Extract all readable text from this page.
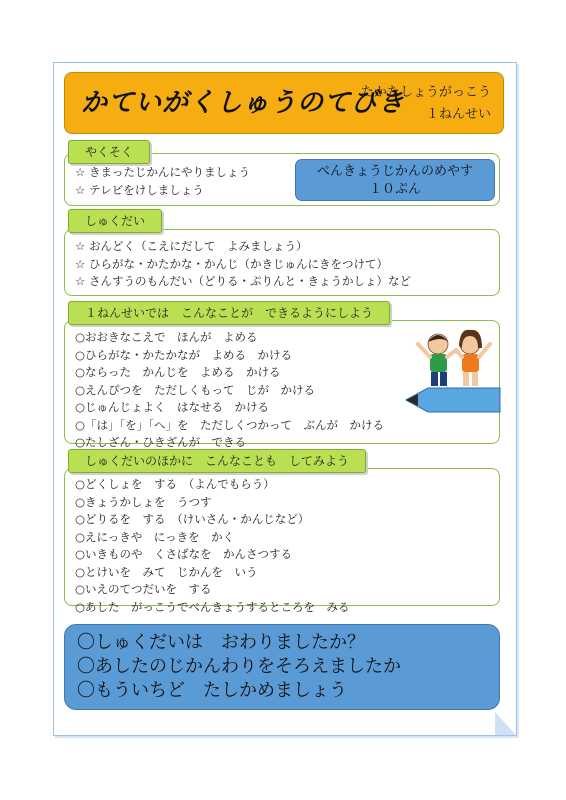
かていがくしゅうのてびき
たかたしょうがっこう
１ねんせい
☆ きまったじかんにやりましょう
☆ テレビをけしましょう
やくそく
べんきょうじかんのめやす
１０ぷん
☆ おんどく（こえにだして　よみましょう）
☆ ひらがな・かたかな・かんじ（かきじゅんにきをつけて）
☆ さんすうのもんだい（どりる・ぷりんと・きょうかしょ）など
しゅくだい
○おおきなこえで　ほんが　よめる
○ひらがな・かたかなが　よめる　かける
○ならった　かんじを　よめる　かける
○えんぴつを　ただしくもって　じが　かける
○じゅんじょよく　はなせる　かける
○「は」「を」「へ」を　ただしくつかって　ぶんが　かける
○たしざん・ひきざんが　できる
１ねんせいでは　こんなことが　できるようにしよう
○どくしょを　する　（よんでもらう）
○きょうかしょを　うつす
○どりるを　する　（けいさん・かんじなど）
○えにっきや　にっきを　かく
○いきものや　くさばなを　かんさつする
○とけいを　みて　じかんを　いう
○いえのてつだいを　する
○あした　がっこうでべんきょうするところを　みる
しゅくだいのほかに　こんなことも　してみよう
〇しゅくだいは　おわりましたか？
〇あしたのじかんわりをそろえましたか
〇もういちど　たしかめましょう
